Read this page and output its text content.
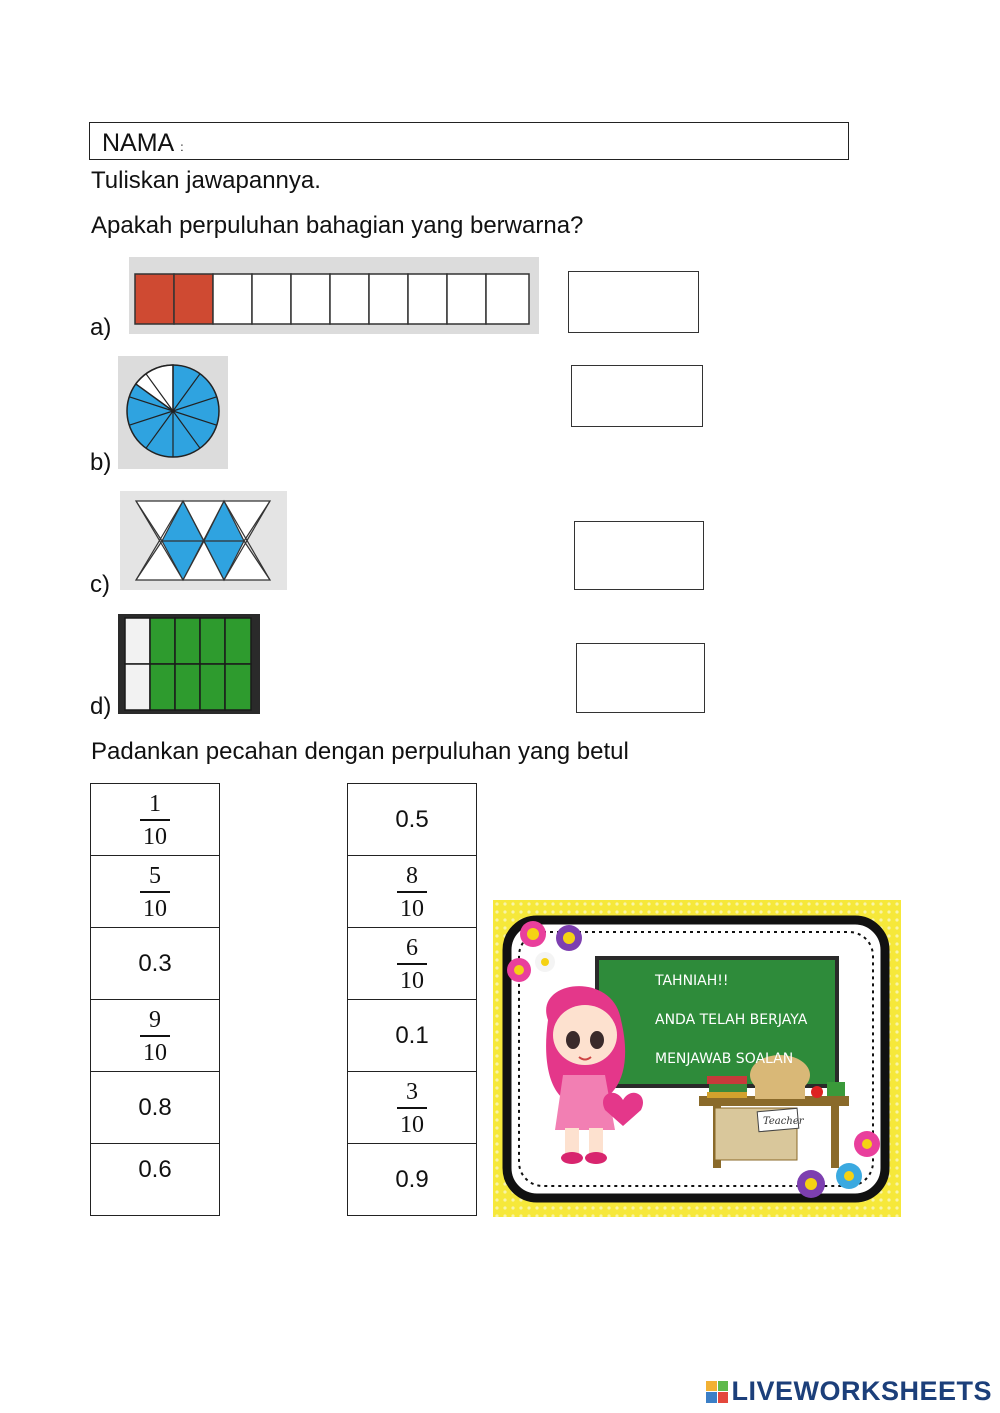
NAMA :
Tuliskan jawapannya.
Apakah perpuluhan bahagian yang berwarna?
a)
b)
c)
d)
Padankan pecahan dengan perpuluhan yang betul
$\frac{1}{10}$

$\frac{5}{10}$

0.3

$\frac{9}{10}$

0.8
0.6
0.5

$\frac{8}{10}$

$\frac{6}{10}$

0.1

$\frac{3}{10}$

0.9
Teacher
TAHNIAH!!
ANDA TELAH BERJAYA
MENJAWAB SOALAN
LIVEWORKSHEETS
